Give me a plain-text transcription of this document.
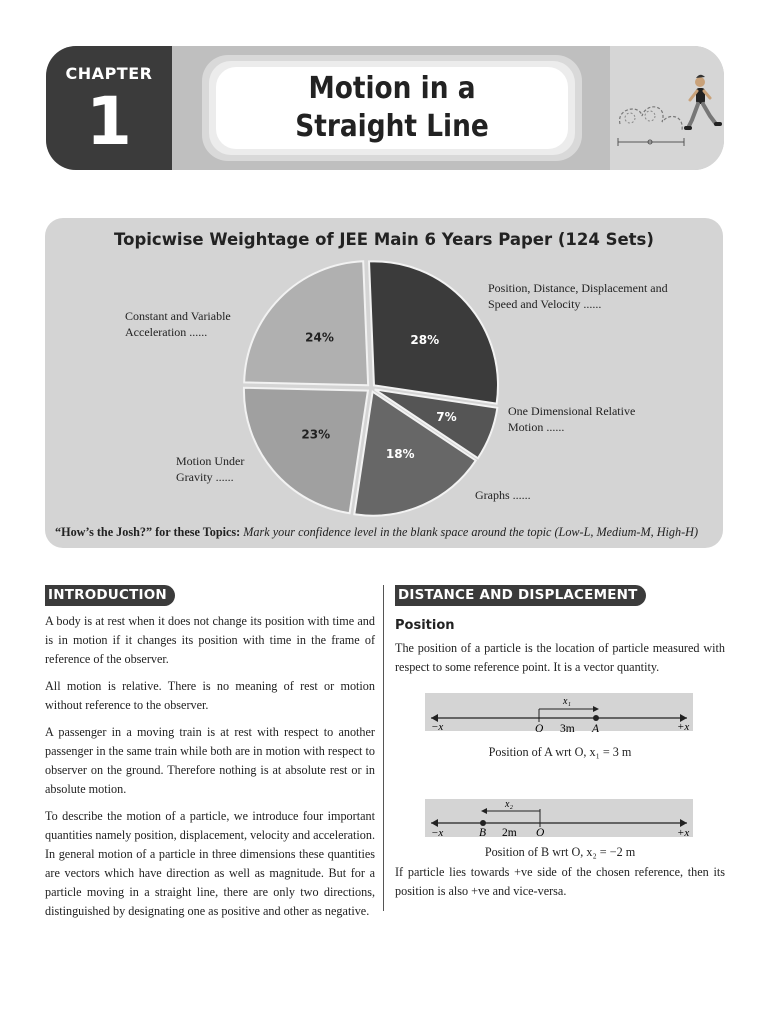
CHAPTER
1	Motion in a
Straight Line
Topicwise Weightage of JEE Main 6 Years Paper (124 Sets)
28%
7%
18%
23%
24%
Position, Distance, Displacement and
Speed and Velocity ......
One Dimensional Relative
Motion ......
Graphs ......
Motion Under
Gravity ......
Constant and Variable
Acceleration ......
“How’s the Josh?” for these Topics: Mark your confidence level in the blank space around the topic (Low-L, Medium-M, High-H)
INTRODUCTION

A body is at rest when it does not change its position with time and is in motion if it changes its position with time in the frame of reference of the observer.

All motion is relative. There is no meaning of rest or motion without reference to the observer.

A passenger in a moving train is at rest with respect to another passenger in the same train while both are in motion with respect to observer on the ground. Therefore nothing is at absolute rest or in absolute motion.

To describe the motion of a particle, we introduce four important quantities namely position, displacement, velocity and acceleration. In general motion of a particle in three dimensions these quantities are vectors which have direction as well as magnitude. But for a particle moving in a straight line, there are only two directions, distinguished by designating one as positive and other as negative.

DISTANCE AND DISPLACEMENT
Position

The position of a particle is the location of particle measured with respect to some reference point. It is a vector quantity.

−x	+x
O 3m A
x₁
Position of A wrt O, x₁ = 3 m
−x	+x
B 2m O
x₂
Position of B wrt O, x₂ = −2 m

If particle lies towards +ve side of the chosen reference, then its position is also +ve and vice-versa.
